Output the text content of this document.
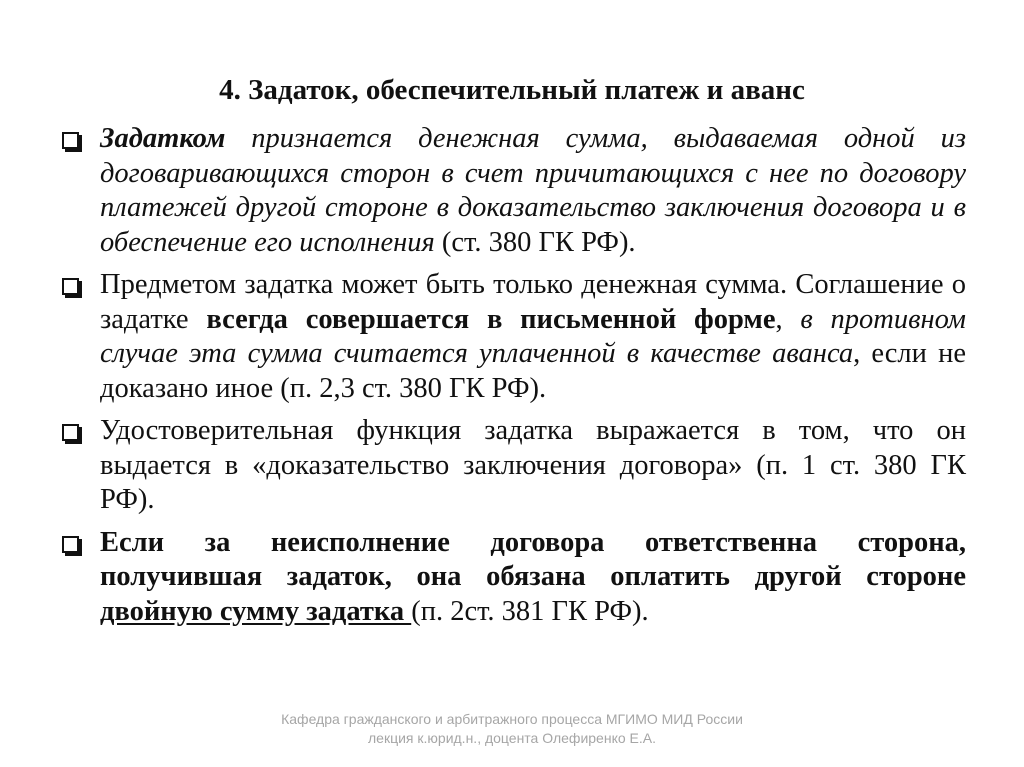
4. Задаток, обеспечительный платеж и аванс
Задатком признается денежная сумма, выдаваемая одной из договаривающихся сторон в счет причитающихся с нее по договору платежей другой стороне в доказательство заключения договора и в обеспечение его исполнения (ст. 380 ГК РФ).
Предметом задатка может быть только денежная сумма. Соглашение о задатке всегда совершается в письменной форме, в противном случае эта сумма считается уплаченной в качестве аванса, если не доказано иное (п. 2,3 ст. 380 ГК РФ).
Удостоверительная функция задатка выражается в том, что он выдается в «доказательство заключения договора» (п. 1 ст. 380 ГК РФ).
Если за неисполнение договора ответственна сторона, получившая задаток, она обязана оплатить другой стороне двойную сумму задатка (п. 2ст. 381 ГК РФ).
Кафедра гражданского и арбитражного процесса МГИМО МИД России
лекция к.юрид.н., доцента Олефиренко Е.А.
